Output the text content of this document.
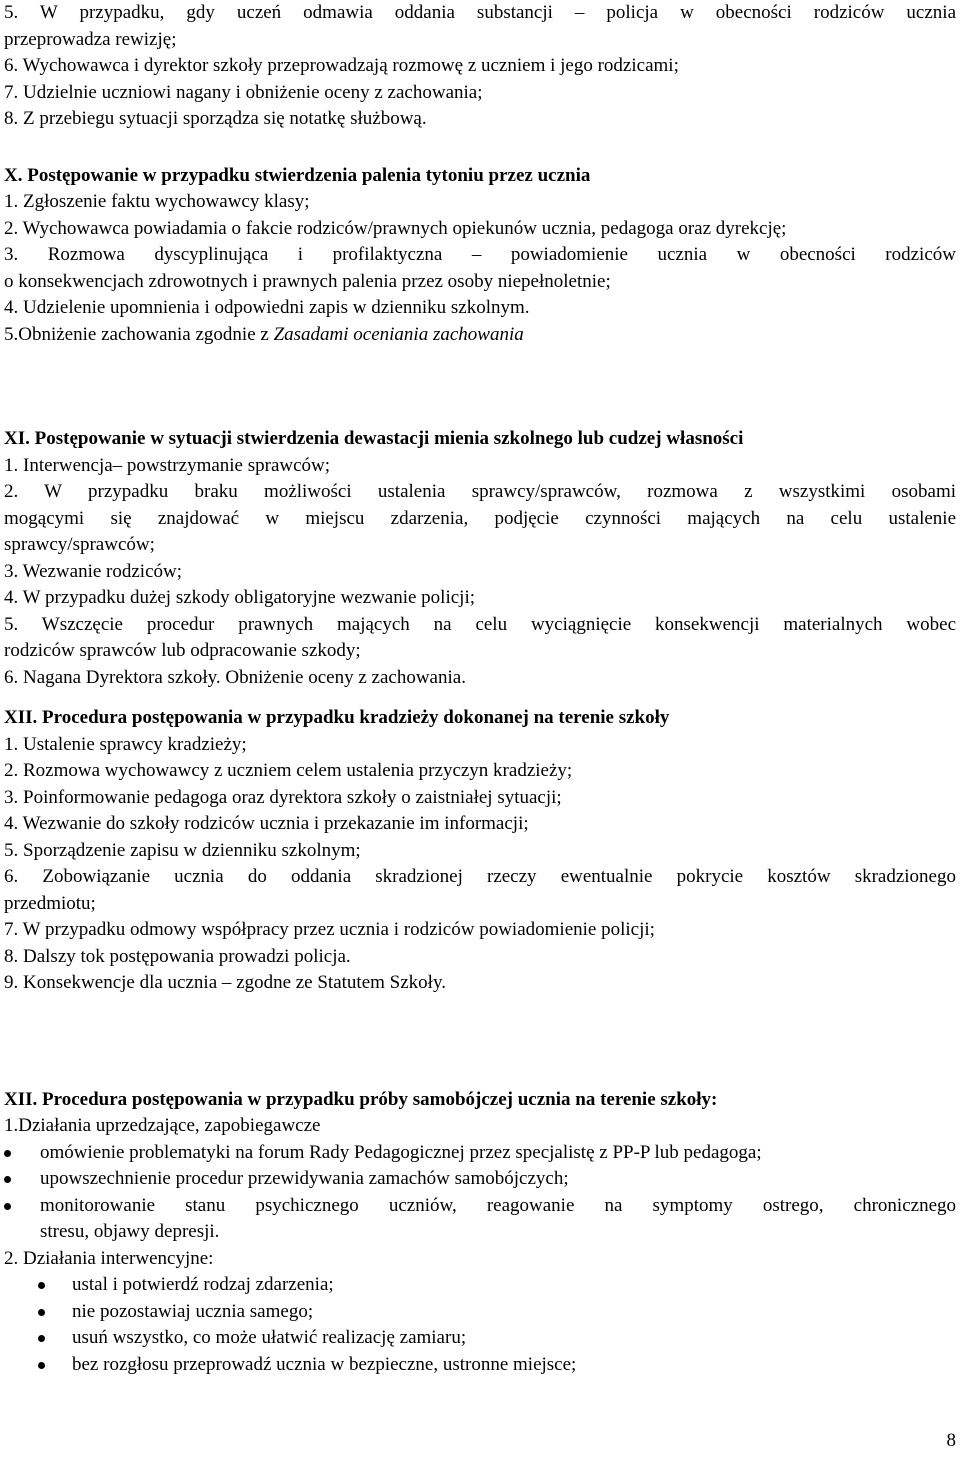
5. W przypadku, gdy uczeń odmawia oddania substancji – policja w obecności rodziców ucznia
przeprowadza rewizję;
6. Wychowawca i dyrektor szkoły przeprowadzają rozmowę z uczniem i jego rodzicami;
7. Udzielnie uczniowi nagany i obniżenie oceny z zachowania;
8. Z przebiegu sytuacji sporządza się notatkę służbową.
X. Postępowanie w przypadku stwierdzenia palenia tytoniu przez ucznia
1. Zgłoszenie faktu wychowawcy klasy;
2. Wychowawca powiadamia o fakcie rodziców/prawnych opiekunów ucznia, pedagoga oraz dyrekcję;
3. Rozmowa dyscyplinująca i profilaktyczna – powiadomienie ucznia w obecności rodziców
o konsekwencjach zdrowotnych i prawnych palenia przez osoby niepełnoletnie;
4. Udzielenie upomnienia i odpowiedni zapis w dzienniku szkolnym.
5.Obniżenie zachowania zgodnie z Zasadami oceniania zachowania
XI. Postępowanie w sytuacji stwierdzenia dewastacji mienia szkolnego lub cudzej własności
1. Interwencja– powstrzymanie sprawców;
2. W przypadku braku możliwości ustalenia sprawcy/sprawców, rozmowa z wszystkimi osobami
mogącymi się znajdować w miejscu zdarzenia, podjęcie czynności mających na celu ustalenie
sprawcy/sprawców;
3. Wezwanie rodziców;
4. W przypadku dużej szkody obligatoryjne wezwanie policji;
5. Wszczęcie procedur prawnych mających na celu wyciągnięcie konsekwencji materialnych wobec
rodziców sprawców lub odpracowanie szkody;
6. Nagana Dyrektora szkoły. Obniżenie oceny z zachowania.
XII. Procedura postępowania w przypadku kradzieży dokonanej na terenie szkoły
1. Ustalenie sprawcy kradzieży;
2. Rozmowa wychowawcy z uczniem celem ustalenia przyczyn kradzieży;
3. Poinformowanie pedagoga oraz dyrektora szkoły o zaistniałej sytuacji;
4. Wezwanie do szkoły rodziców ucznia i przekazanie im informacji;
5. Sporządzenie zapisu w dzienniku szkolnym;
6. Zobowiązanie ucznia do oddania skradzionej rzeczy ewentualnie pokrycie kosztów skradzionego
przedmiotu;
7. W przypadku odmowy współpracy przez ucznia i rodziców powiadomienie policji;
8. Dalszy tok postępowania prowadzi policja.
9. Konsekwencje dla ucznia – zgodne ze Statutem Szkoły.
XII. Procedura postępowania w przypadku próby samobójczej ucznia na terenie szkoły:
1.Działania uprzedzające, zapobiegawcze
omówienie problematyki na forum Rady Pedagogicznej przez specjalistę z PP-P lub pedagoga;
upowszechnienie procedur przewidywania zamachów samobójczych;
monitorowanie stanu psychicznego uczniów, reagowanie na symptomy ostrego, chronicznego
stresu, objawy depresji.
2. Działania interwencyjne:
ustal i potwierdź rodzaj zdarzenia;
nie pozostawiaj ucznia samego;
usuń wszystko, co może ułatwić realizację zamiaru;
bez rozgłosu przeprowadź ucznia w bezpieczne, ustronne miejsce;
8
